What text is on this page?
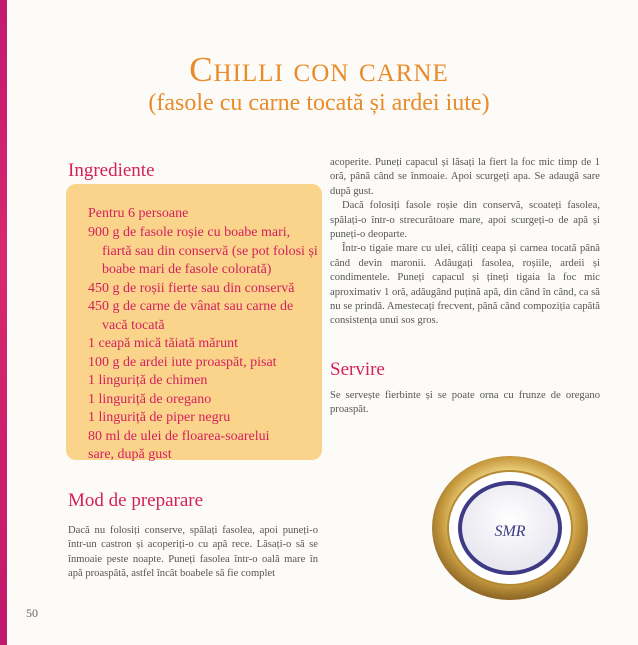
Chilli con carne
(fasole cu carne tocată și ardei iute)
Ingrediente
Pentru 6 persoane
900 g de fasole roșie cu boabe mari, fiartă sau din conservă (se pot folosi și boabe mari de fasole colorată)
450 g de roșii fierte sau din conservă
450 g de carne de vânat sau carne de vacă tocată
1 ceapă mică tăiată mărunt
100 g de ardei iute proaspăt, pisat
1 linguriță de chimen
1 linguriță de oregano
1 linguriță de piper negru
80 ml de ulei de floarea-soarelui
sare, după gust
Mod de preparare

Dacă nu folosiți conserve, spălați fasolea, apoi puneți-o într-un castron și acoperiți-o cu apă rece. Lăsați-o să se înmoaie peste noapte. Puneți fasolea într-o oală mare în apă proaspătă, astfel încât boabele să fie complet

acoperite. Puneți capacul și lăsați la fiert la foc mic timp de 1 oră, până când se înmoaie. Apoi scurgeți apa. Se adaugă sare după gust.

Dacă folosiți fasole roșie din conservă, scoateți fasolea, spălați-o într-o strecurătoare mare, apoi scurgeți-o de apă și puneți-o deoparte.

Într-o tigaie mare cu ulei, căliți ceapa și carnea tocată până când devin maronii. Adăugați fasolea, roșiile, ardeii și condimentele. Puneți capacul și țineți tigaia la foc mic aproximativ 1 oră, adăugând puțină apă, din când în când, ca să nu se prindă. Amestecați frecvent, până când compoziția capătă consistența unui sos gros.

Servire

Se servește fierbinte și se poate orna cu frunze de oregano proaspăt.

SMR
50
